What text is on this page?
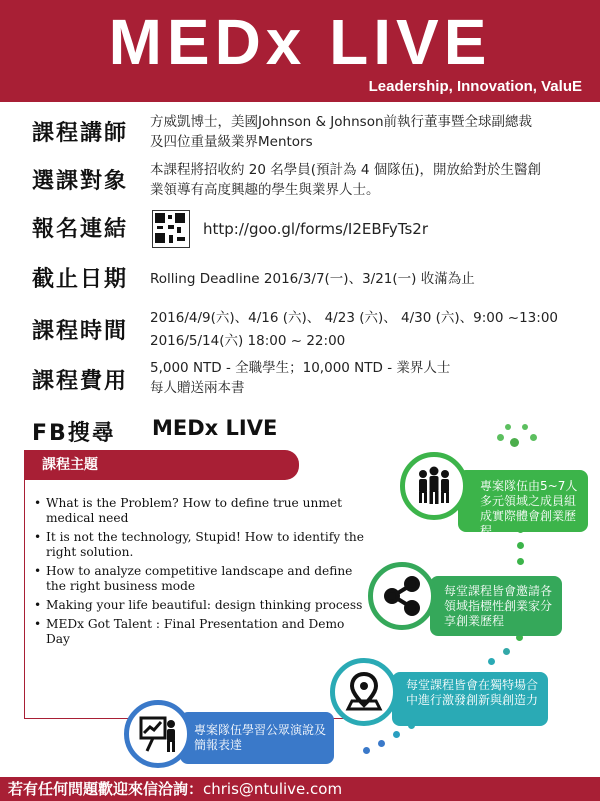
MEDx LIVE
Leadership, Innovation, ValuE
課程講師 方威凱博士，美國Johnson & Johnson前執行董事暨全球副總裁
及四位重量級業界Mentors
選課對象 本課程將招收約 20 名學員(預計為 4 個隊伍)，開放給對於生醫創
業領導有高度興趣的學生與業界人士。
報名連結	http://goo.gl/forms/I2EBFyTs2r
截止日期 Rolling Deadline 2016/3/7(一)、3/21(一) 收滿為止
課程時間
2016/4/9(六)、4/16 (六)、 4/23 (六)、 4/30 (六)、9:00 ~13:00
2016/5/14(六) 18:00 ~ 22:00
課程費用
5,000 NTD - 全職學生；10,000 NTD - 業界人士
每人贈送兩本書
FB搜尋 MEDx LIVE
課程主題
• What is the Problem? How to define true unmet medical need
• It is not the technology, Stupid! How to identify the right solution.
• How to analyze competitive landscape and define the right business mode
• Making your life beautiful: design thinking process
• MEDx Got Talent : Final Presentation and Demo Day
專案隊伍由5~7人多元領域之成員組成實際體會創業歷程
每堂課程皆會邀請各領域指標性創業家分享創業歷程
每堂課程皆會在獨特場合中進行激發創新與創造力
專案隊伍學習公眾演說及簡報表達
若有任何問題歡迎來信洽詢：chris@ntulive.com
